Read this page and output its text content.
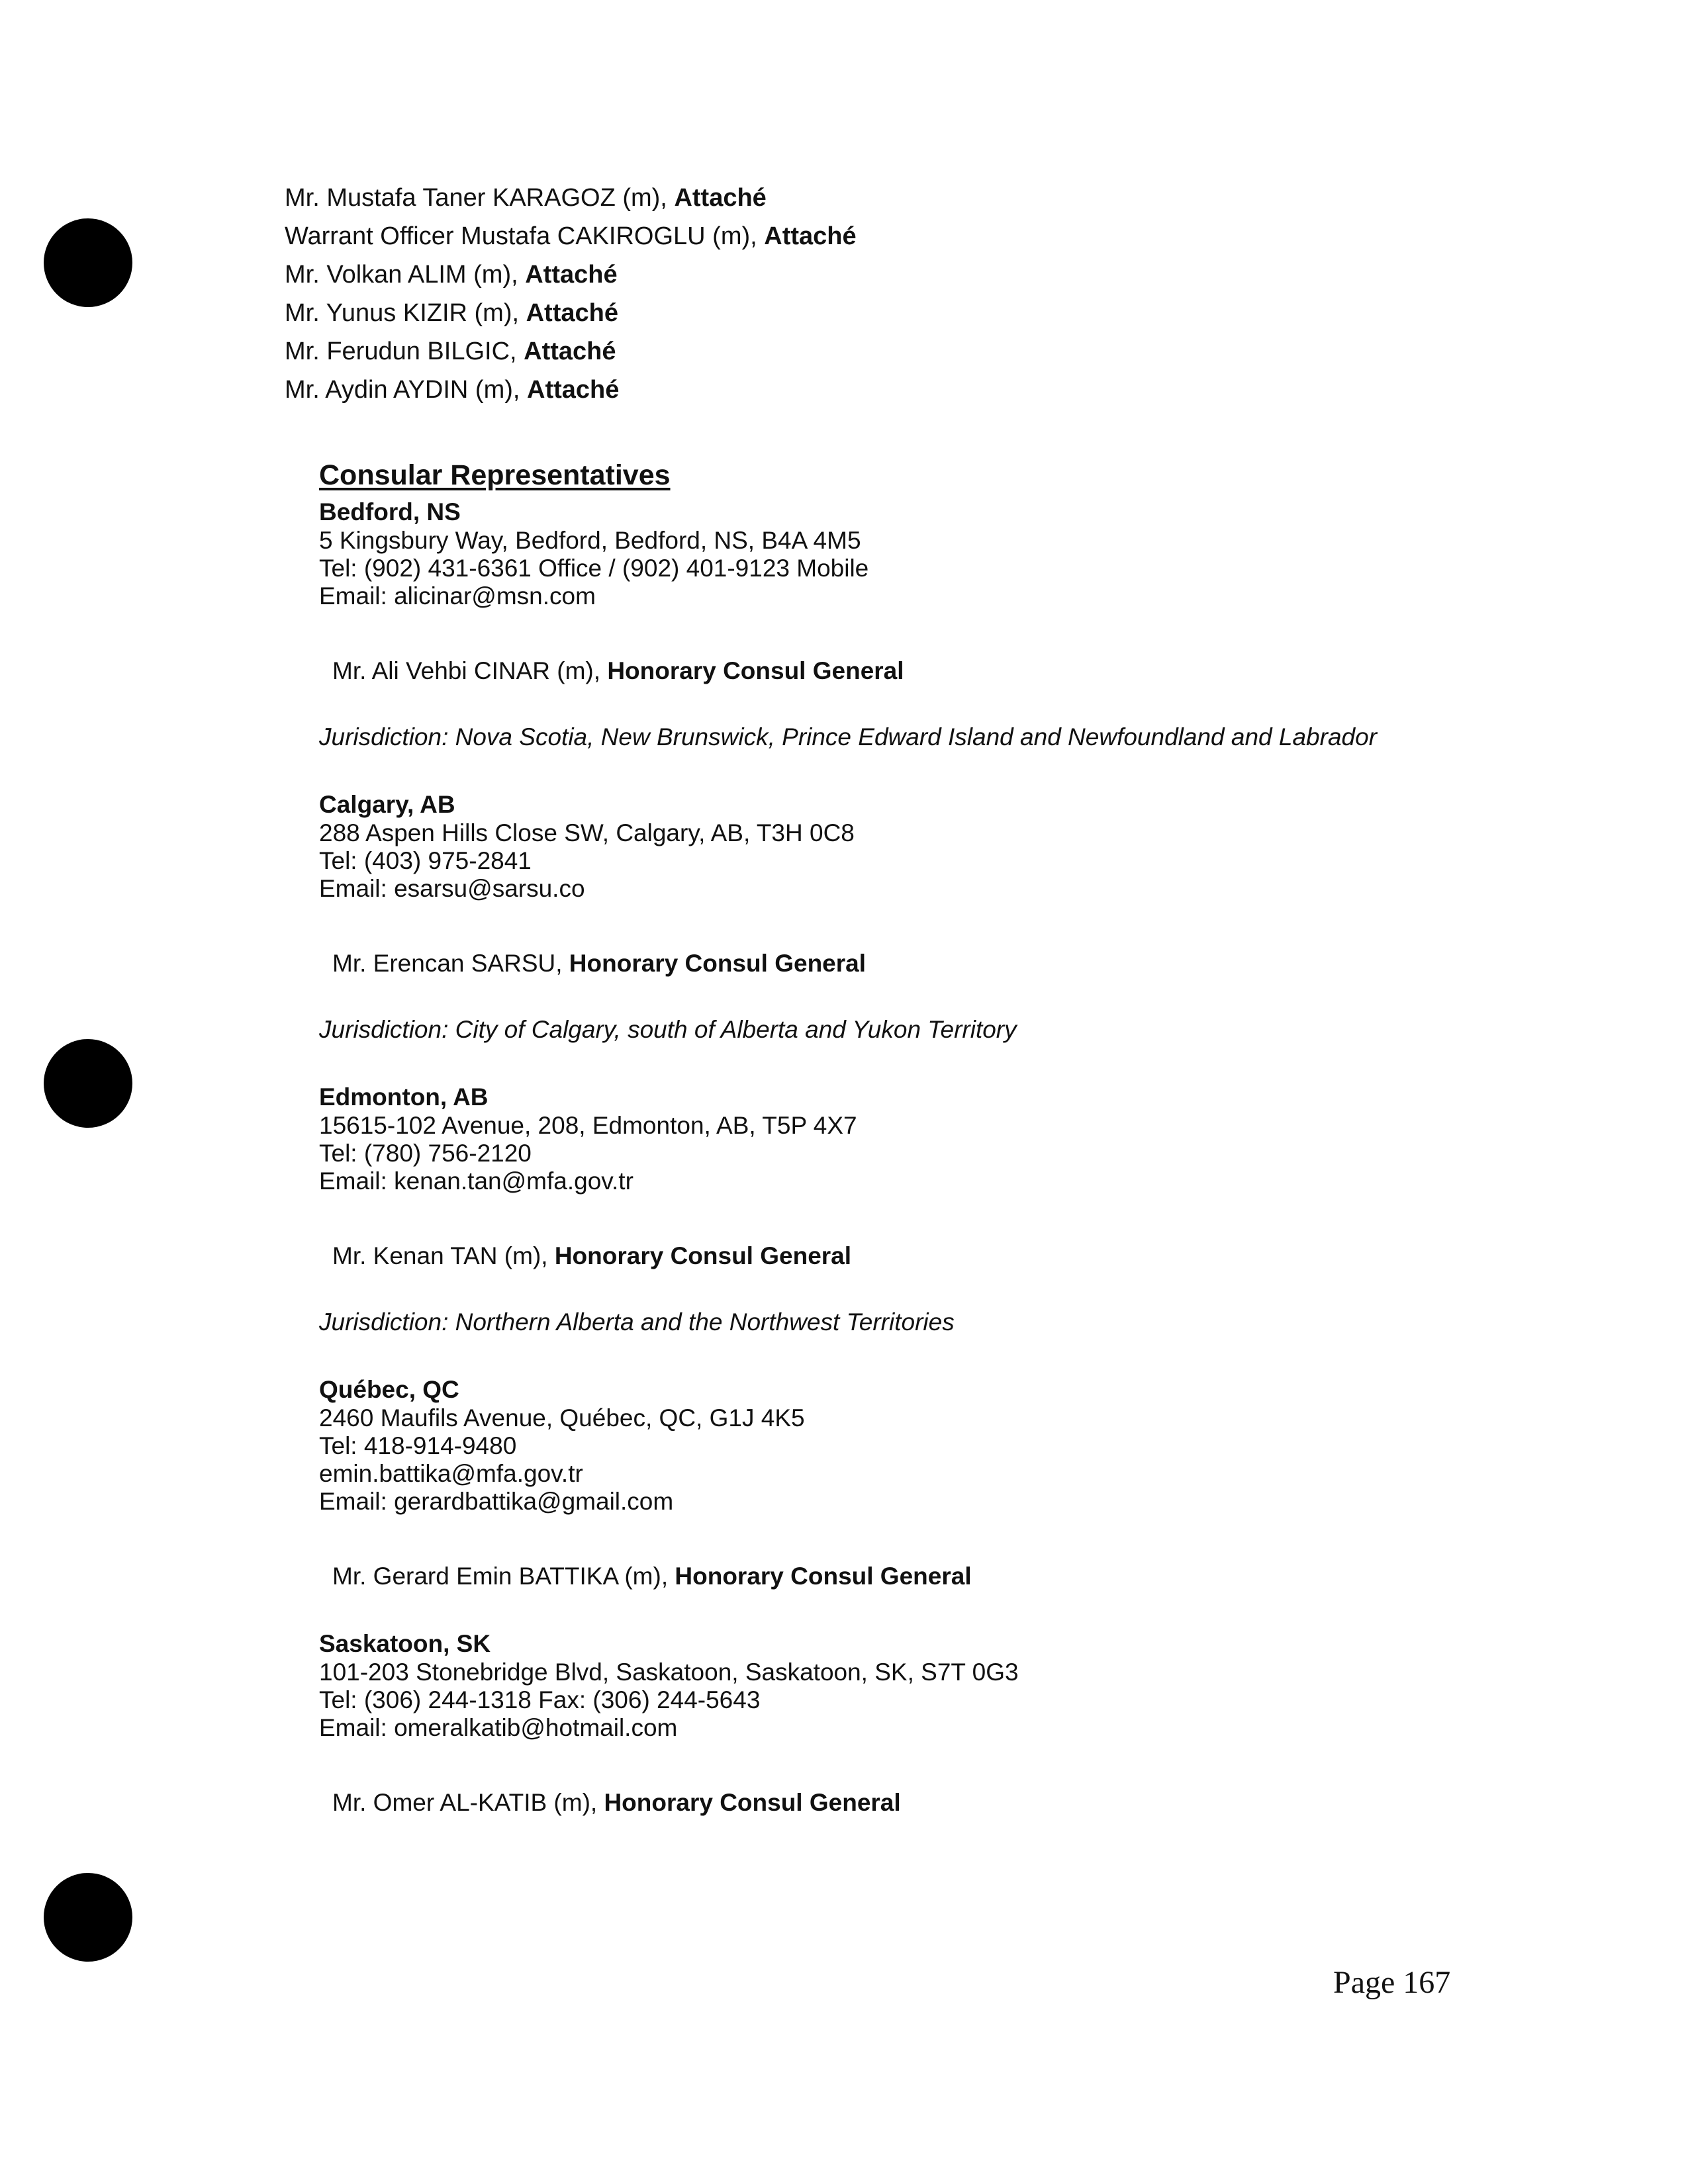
Mr. Mustafa Taner KARAGOZ (m), Attaché
Warrant Officer Mustafa CAKIROGLU (m), Attaché
Mr. Volkan ALIM (m), Attaché
Mr. Yunus KIZIR (m), Attaché
Mr. Ferudun BILGIC, Attaché
Mr. Aydin AYDIN (m), Attaché
Consular Representatives

Bedford, NS

5 Kingsbury Way, Bedford, Bedford, NS, B4A 4M5

Tel: (902) 431-6361 Office / (902) 401-9123 Mobile

Email: alicinar@msn.com

Mr. Ali Vehbi CINAR (m), Honorary Consul General

Jurisdiction: Nova Scotia, New Brunswick, Prince Edward Island and Newfoundland and Labrador

Calgary, AB

288 Aspen Hills Close SW, Calgary, AB, T3H 0C8

Tel: (403) 975-2841

Email: esarsu@sarsu.co

Mr. Erencan SARSU, Honorary Consul General

Jurisdiction: City of Calgary, south of Alberta and Yukon Territory

Edmonton, AB

15615-102 Avenue, 208, Edmonton, AB, T5P 4X7

Tel: (780) 756-2120

Email: kenan.tan@mfa.gov.tr

Mr. Kenan TAN (m), Honorary Consul General

Jurisdiction: Northern Alberta and the Northwest Territories

Québec, QC

2460 Maufils Avenue, Québec, QC, G1J 4K5

Tel: 418-914-9480

emin.battika@mfa.gov.tr

Email: gerardbattika@gmail.com

Mr. Gerard Emin BATTIKA (m), Honorary Consul General

Saskatoon, SK

101-203 Stonebridge Blvd, Saskatoon, Saskatoon, SK, S7T 0G3

Tel: (306) 244-1318 Fax: (306) 244-5643

Email: omeralkatib@hotmail.com

Mr. Omer AL-KATIB (m), Honorary Consul General

Page 167
